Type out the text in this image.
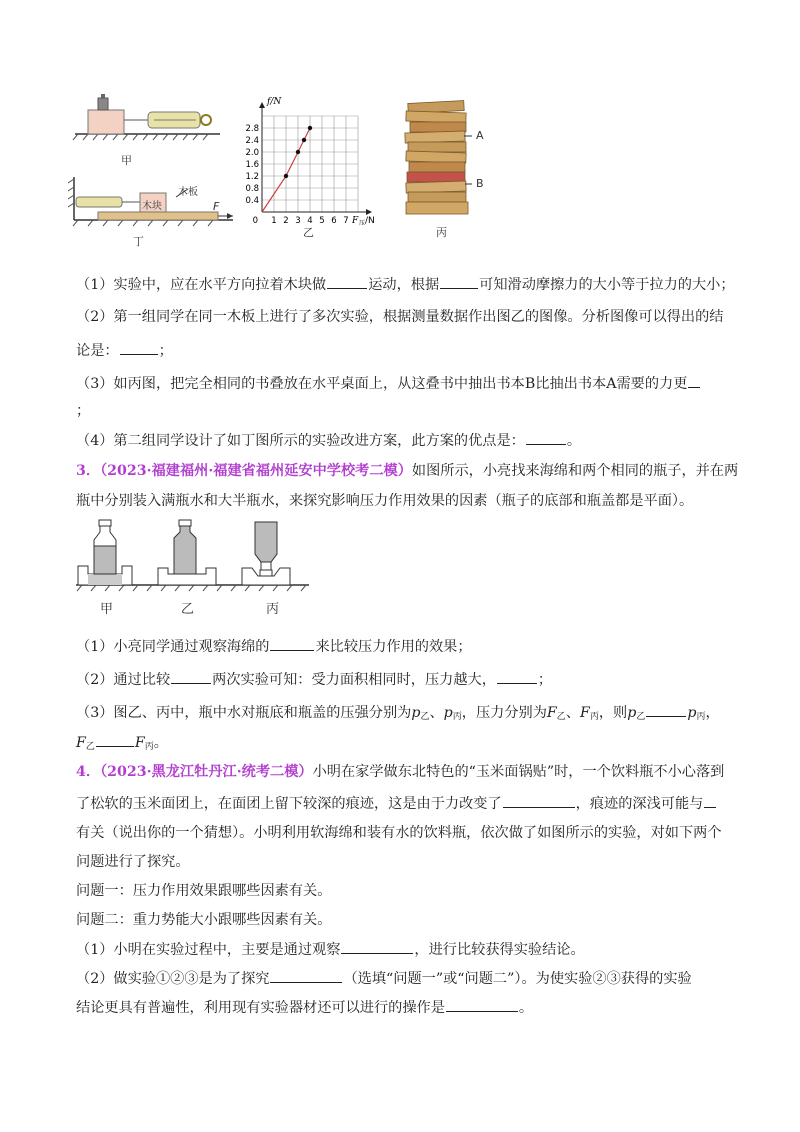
甲
木块
木板
F
丁
0.4
0.8
1.2
1.6
2.0
2.4
2.8
1 2 3 4 5 6 7
0
f/N
F 压 /N
乙
A
B
丙
（1）实验中，应在水平方向拉着木块做	运动，根据	可知滑动摩擦力的大小等于拉力的大小；
（2）第一组同学在同一木板上进行了多次实验，根据测量数据作出图乙的图像。分析图像可以得出的结
论是：	；
（3）如丙图，把完全相同的书叠放在水平桌面上，从这叠书中抽出书本B比抽出书本A需要的力更
；
（4）第二组同学设计了如丁图所示的实验改进方案，此方案的优点是：	。
3．（2023·福建福州·福建省福州延安中学校考二模）如图所示，小亮找来海绵和两个相同的瓶子，并在两
瓶中分别装入满瓶水和大半瓶水，来探究影响压力作用效果的因素（瓶子的底部和瓶盖都是平面）。
甲	乙	丙
（1）小亮同学通过观察海绵的	来比较压力作用的效果；
（2）通过比较	两次实验可知：受力面积相同时，压力越大，	；
（3）图乙、丙中，瓶中水对瓶底和瓶盖的压强分别为$p_乙$、$p_丙$，压力分别为$F_乙$、$F_丙$，则$p_乙$	$p_丙$，
$F_乙$	$F_丙$。
4．（2023·黑龙江牡丹江·统考二模）小明在家学做东北特色的“玉米面锅贴”时，一个饮料瓶不小心落到
了松软的玉米面团上，在面团上留下较深的痕迹，这是由于力改变了	，痕迹的深浅可能与
有关（说出你的一个猜想）。小明利用软海绵和装有水的饮料瓶，依次做了如图所示的实验，对如下两个
问题进行了探究。
问题一：压力作用效果跟哪些因素有关。
问题二：重力势能大小跟哪些因素有关。
（1）小明在实验过程中，主要是通过观察	，进行比较获得实验结论。
（2）做实验①②③是为了探究	（选填“问题一”或“问题二”）。为使实验②③获得的实验
结论更具有普遍性，利用现有实验器材还可以进行的操作是	。
